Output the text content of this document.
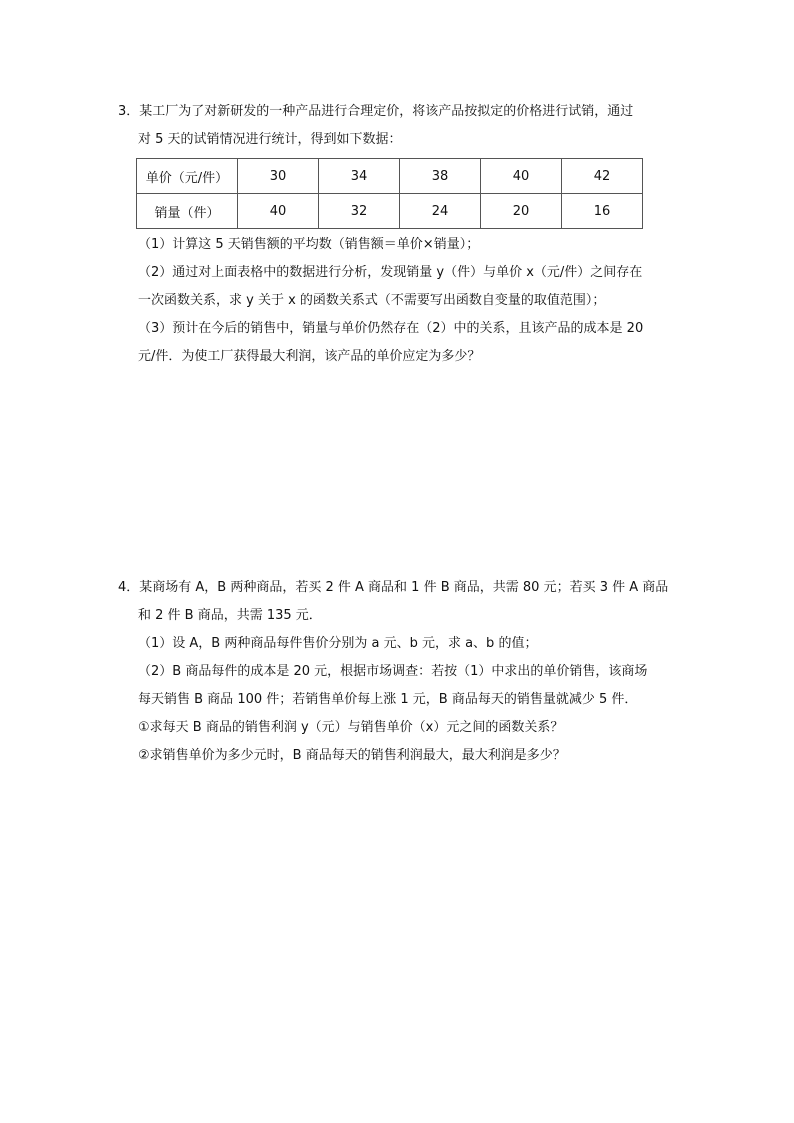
3．某工厂为了对新研发的一种产品进行合理定价，将该产品按拟定的价格进行试销，通过
对 5 天的试销情况进行统计，得到如下数据：
单价（元/件）	30	34	38	40	42
销量（件）	40	32	24	20	16
（1）计算这 5 天销售额的平均数（销售额＝单价×销量）；
（2）通过对上面表格中的数据进行分析，发现销量 y（件）与单价 x（元/件）之间存在
一次函数关系，求 y 关于 x 的函数关系式（不需要写出函数自变量的取值范围）；
（3）预计在今后的销售中，销量与单价仍然存在（2）中的关系，且该产品的成本是 20
元/件．为使工厂获得最大利润，该产品的单价应定为多少？
4．某商场有 A，B 两种商品，若买 2 件 A 商品和 1 件 B 商品，共需 80 元；若买 3 件 A 商品
和 2 件 B 商品，共需 135 元．
（1）设 A，B 两种商品每件售价分别为 a 元、b 元，求 a、b 的值；
（2）B 商品每件的成本是 20 元，根据市场调查：若按（1）中求出的单价销售，该商场
每天销售 B 商品 100 件；若销售单价每上涨 1 元，B 商品每天的销售量就减少 5 件．
①求每天 B 商品的销售利润 y（元）与销售单价（x）元之间的函数关系？
②求销售单价为多少元时，B 商品每天的销售利润最大，最大利润是多少？
